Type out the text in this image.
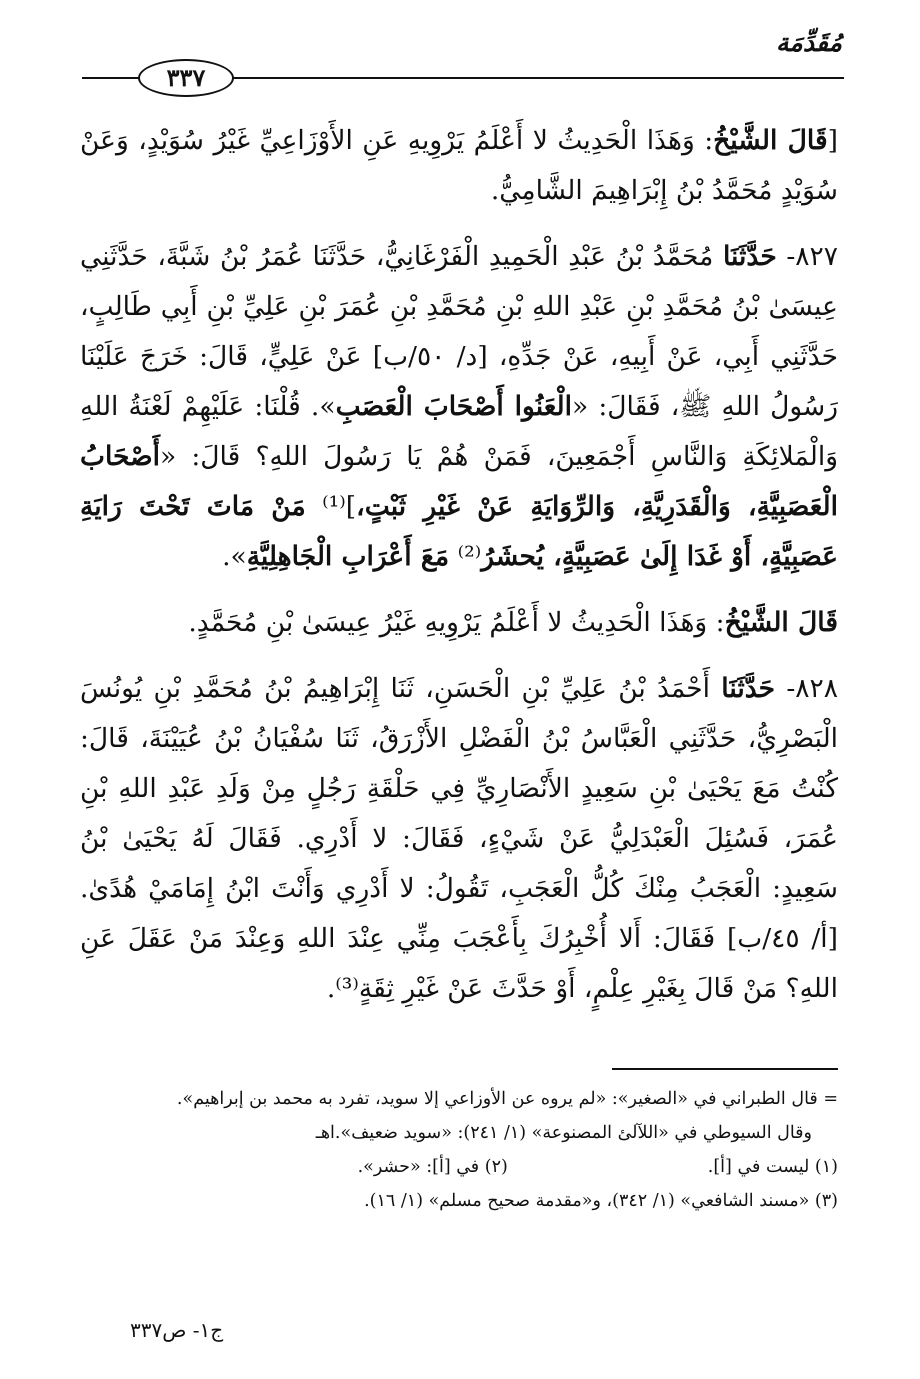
مُقَدِّمَة
٣٣٧

[قَالَ الشَّيْخُ: وَهَذَا الْحَدِيثُ لا أَعْلَمُ يَرْوِيهِ عَنِ الأَوْزَاعِيِّ غَيْرُ سُوَيْدٍ، وَعَنْ سُوَيْدٍ مُحَمَّدُ بْنُ إِبْرَاهِيمَ الشَّامِيُّ.

٨٢٧- حَدَّثَنَا مُحَمَّدُ بْنُ عَبْدِ الْحَمِيدِ الْفَرْغَانِيُّ، حَدَّثَنَا عُمَرُ بْنُ شَبَّةَ، حَدَّثَنِي عِيسَىٰ بْنُ مُحَمَّدِ بْنِ عَبْدِ اللهِ بْنِ مُحَمَّدِ بْنِ عُمَرَ بْنِ عَلِيِّ بْنِ أَبِي طَالِبٍ، حَدَّثَنِي أَبِي، عَنْ أَبِيهِ، عَنْ جَدِّهِ، [د/ ٥٠/ب] عَنْ عَلِيٍّ، قَالَ: خَرَجَ عَلَيْنَا رَسُولُ اللهِ ﷺ، فَقَالَ: «الْعَنُوا أَصْحَابَ الْعَصَبِ». قُلْنَا: عَلَيْهِمْ لَعْنَةُ اللهِ وَالْمَلائِكَةِ وَالنَّاسِ أَجْمَعِينَ، فَمَنْ هُمْ يَا رَسُولَ اللهِ؟ قَالَ: «أَصْحَابُ الْعَصَبِيَّةِ، وَالْقَدَرِيَّةِ، وَالرِّوَايَةِ عَنْ غَيْرِ ثَبْتٍ،]⁽¹⁾ مَنْ مَاتَ تَحْتَ رَايَةِ عَصَبِيَّةٍ، أَوْ غَدَا إِلَىٰ عَصَبِيَّةٍ، يُحشَرُ⁽²⁾ مَعَ أَعْرَابِ الْجَاهِلِيَّةِ».

قَالَ الشَّيْخُ: وَهَذَا الْحَدِيثُ لا أَعْلَمُ يَرْوِيهِ غَيْرُ عِيسَىٰ بْنِ مُحَمَّدٍ.

٨٢٨- حَدَّثَنَا أَحْمَدُ بْنُ عَلِيِّ بْنِ الْحَسَنِ، ثَنَا إِبْرَاهِيمُ بْنُ مُحَمَّدِ بْنِ يُونُسَ الْبَصْرِيُّ، حَدَّثَنِي الْعَبَّاسُ بْنُ الْفَضْلِ الأَزْرَقُ، ثَنَا سُفْيَانُ بْنُ عُيَيْنَةَ، قَالَ: كُنْتُ مَعَ يَحْيَىٰ بْنِ سَعِيدٍ الأَنْصَارِيِّ فِي حَلْقَةِ رَجُلٍ مِنْ وَلَدِ عَبْدِ اللهِ بْنِ عُمَرَ، فَسُئِلَ الْعَبْدَلِيُّ عَنْ شَيْءٍ، فَقَالَ: لا أَدْرِي. فَقَالَ لَهُ يَحْيَىٰ بْنُ سَعِيدٍ: الْعَجَبُ مِنْكَ كُلُّ الْعَجَبِ، تَقُولُ: لا أَدْرِي وَأَنْتَ ابْنُ إِمَامَيْ هُدًىٰ. [أ/ ٤٥/ب] فَقَالَ: أَلا أُخْبِرُكَ بِأَعْجَبَ مِنِّي عِنْدَ اللهِ وَعِنْدَ مَنْ عَقَلَ عَنِ اللهِ؟ مَنْ قَالَ بِغَيْرِ عِلْمٍ، أَوْ حَدَّثَ عَنْ غَيْرِ ثِقَةٍ⁽³⁾.

= قال الطبراني في «الصغير»: «لم يروه عن الأوزاعي إلا سويد، تفرد به محمد بن إبراهيم».
وقال السيوطي في «اللآلئ المصنوعة» (١/ ٢٤١): «سويد ضعيف».اهـ
(١) ليست في [أ].
(٢) في [أ]: «حشر».
(٣) «مسند الشافعي» (١/ ٣٤٢)، و«مقدمة صحيح مسلم» (١/ ١٦).
ج١- ص٣٣٧
